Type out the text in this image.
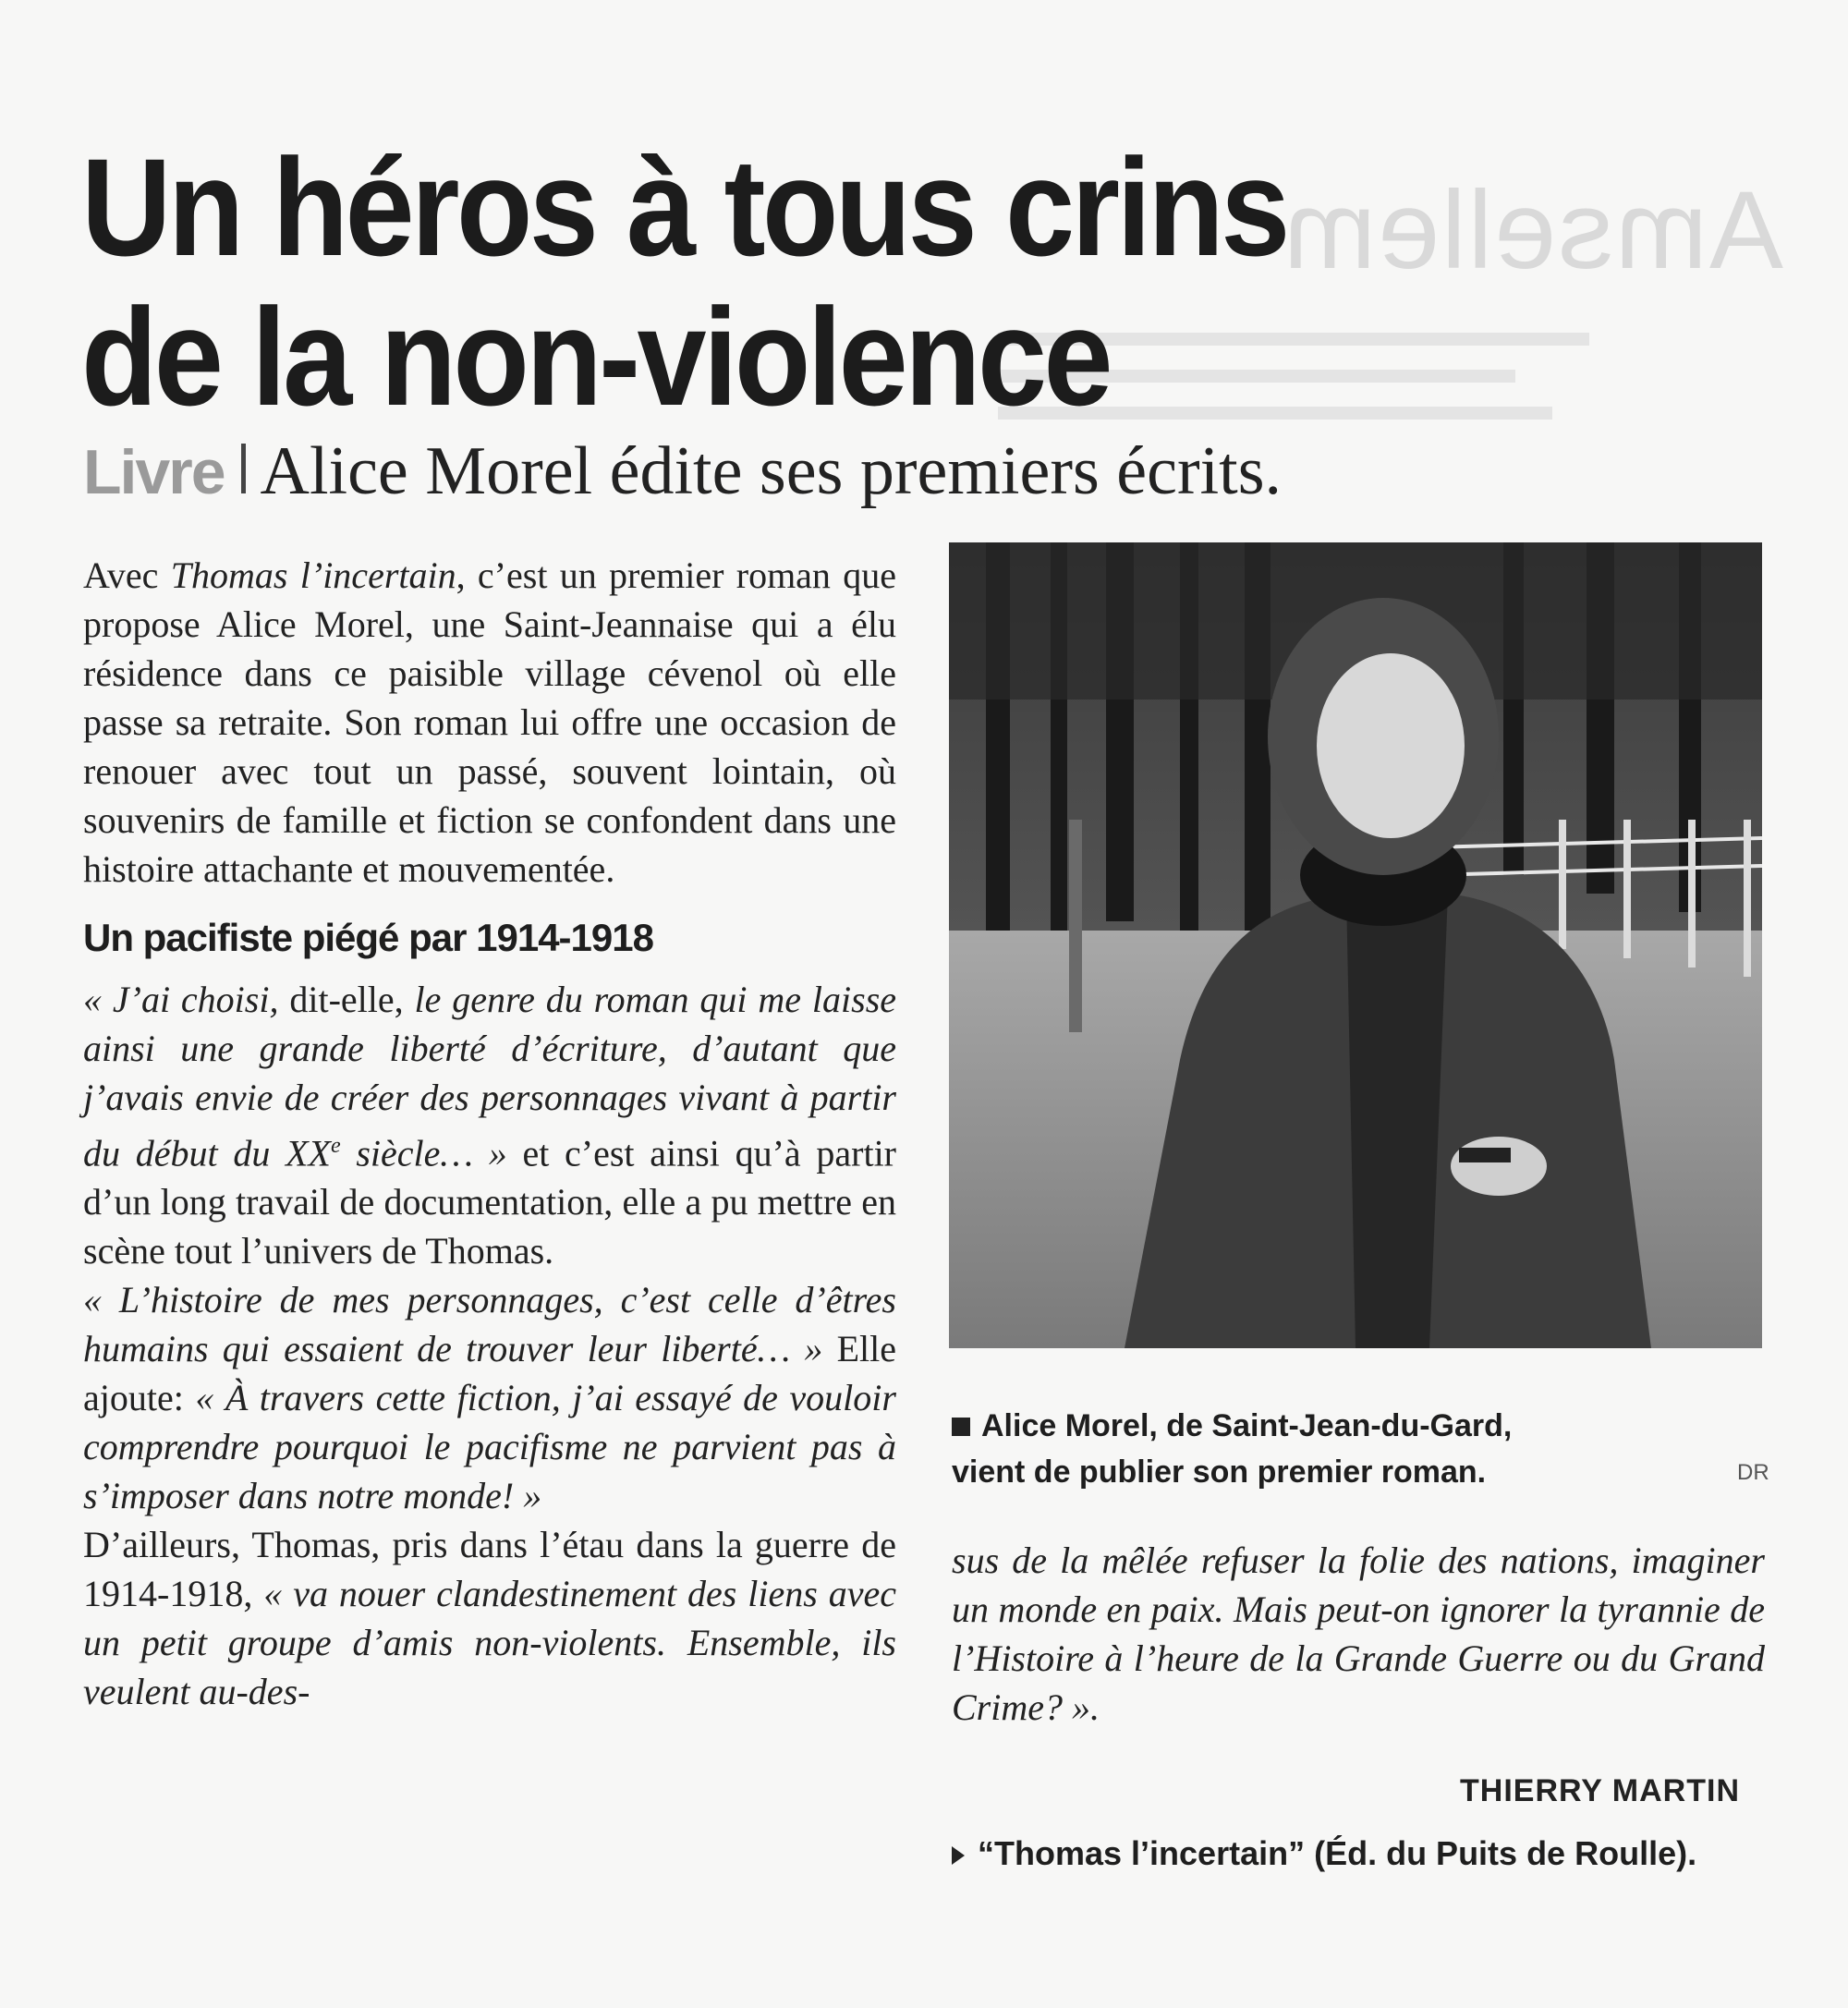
Amsellem
Un héros à tous crins
de la non-violence
Livre Alice Morel édite ses premiers écrits.

Avec Thomas l’incertain, c’est un premier roman que propose Alice Morel, une Saint-Jeannaise qui a élu résidence dans ce paisible village cévenol où elle passe sa retraite. Son roman lui offre une occasion de renouer avec tout un passé, souvent lointain, où souvenirs de famille et fiction se confondent dans une histoire attachante et mouvementée.

Un pacifiste piégé par 1914-1918

« J’ai choisi, dit-elle, le genre du roman qui me laisse ainsi une grande liberté d’écriture, d’autant que j’avais envie de créer des personnages vivant à partir du début du XXe siècle… » et c’est ainsi qu’à partir d’un long travail de documentation, elle a pu mettre en scène tout l’univers de Thomas.

« L’histoire de mes personnages, c’est celle d’êtres humains qui essaient de trouver leur liberté… » Elle ajoute: « À travers cette fiction, j’ai essayé de vouloir comprendre pourquoi le pacifisme ne parvient pas à s’imposer dans notre monde! »

D’ailleurs, Thomas, pris dans l’étau dans la guerre de 1914-1918, « va nouer clandestinement des liens avec un petit groupe d’amis non-violents. Ensemble, ils veulent au-des-

Alice Morel, de Saint-Jean-du-Gard,
vient de publier son premier roman.	DR

sus de la mêlée refuser la folie des nations, imaginer un monde en paix. Mais peut-on ignorer la tyrannie de l’Histoire à l’heure de la Grande Guerre ou du Grand Crime? ».

THIERRY MARTIN
“Thomas l’incertain” (Éd. du Puits de Roulle).
